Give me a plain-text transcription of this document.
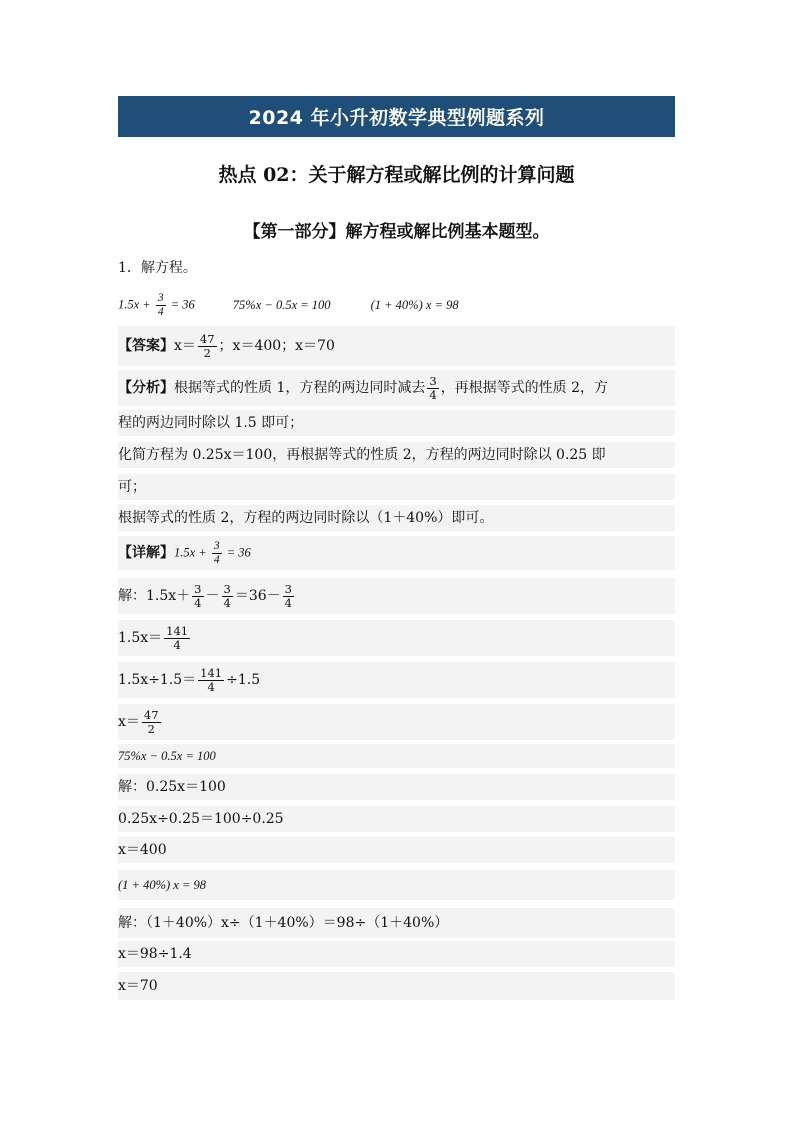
2024 年小升初数学典型例题系列
热点 02：关于解方程或解比例的计算问题
【第一部分】解方程或解比例基本题型。
1．解方程。
$1.5x + \frac{3}{4} = 36$	75%x − 0.5x = 100	(1 + 40%) x = 98
【答案】 $x= \frac{47}{2}$ ；x＝400；x＝70
【分析】 根据等式的性质 1，方程的两边同时减去 $\frac{3}{4}$ ，再根据等式的性质 2，方
程的两边同时除以 1.5 即可；
化简方程为 0.25x＝100，再根据等式的性质 2，方程的两边同时除以 0.25 即
可；
根据等式的性质 2，方程的两边同时除以（1＋40%）即可。
【详解】 $1.5x + \frac{3}{4} = 36$
解：$1.5x+ \frac{3}{4} - \frac{3}{4} =36- \frac{3}{4}$
$1.5x= \frac{141}{4}$
$1.5x\div 1.5= \frac{141}{4} \div 1.5$
$x= \frac{47}{2}$
75%x − 0.5x = 100
解：0.25x＝100
0.25x÷0.25＝100÷0.25
x＝400
(1 + 40%) x = 98
解：（1＋40%）x÷（1＋40%）＝98÷（1＋40%）
x＝98÷1.4
x＝70
